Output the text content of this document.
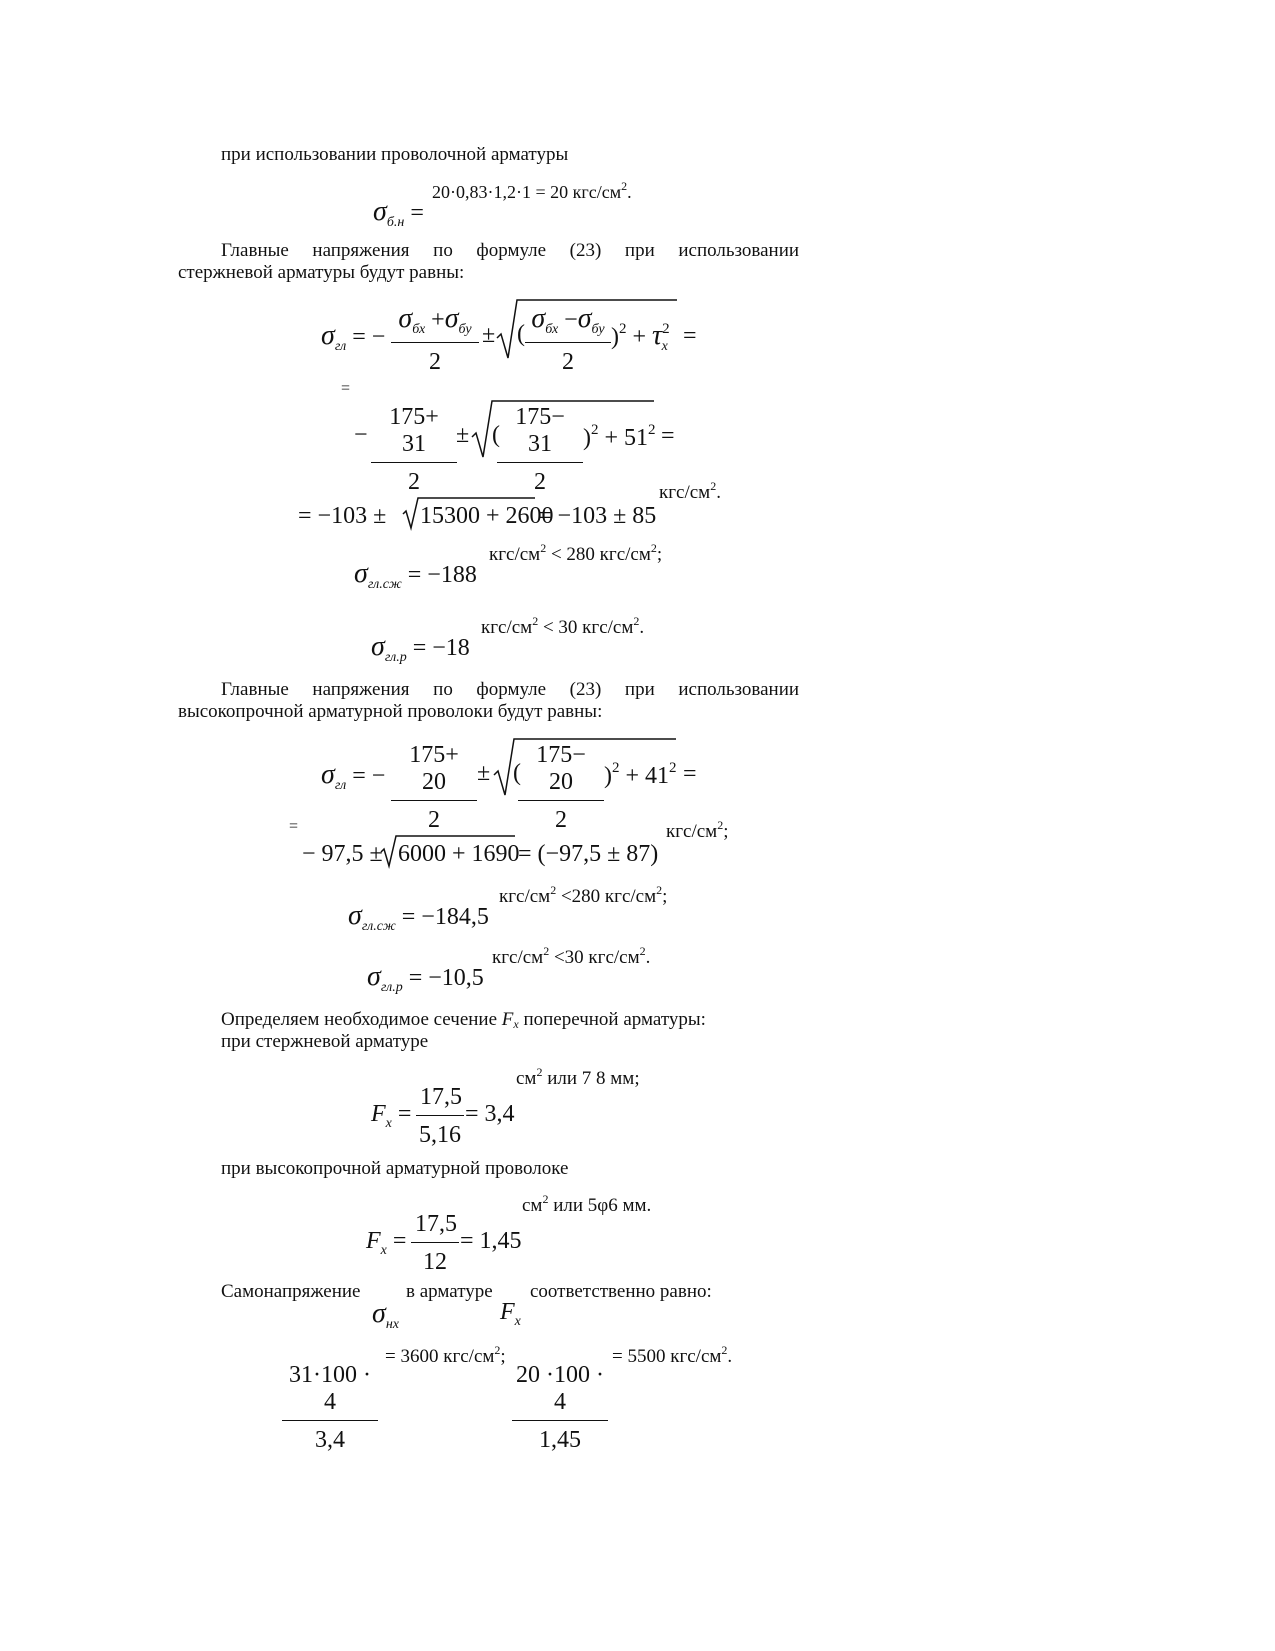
при использовании проволочной арматуры
20·0,83·1,2·1 = 20 кгс/$см^2$.
$\sigma_{б.н}$ =
Главные напряжения по формуле (23) при использовании
стержневой арматуры будут равны:
$\sigma_{гл}$ = −
$\sigma_{бх} +\sigma_{бу}$
2
± ( $\sigma_{бх} -\sigma_{бу}$
2
)$^2 + \tau^2_x$ =
=
− $\frac{175+ 31}{2}$ ± (
$\frac{175- 31}{2} )^2 + 51^2$ =
кгс/$см^2$.
= −103 ± 15300 + 2600
= −103 ± 85
кгс/$см^2 < 280$ кгс/$см^2$;
$\sigma_{гл.сж} = -188$
кгс/$см^2 < 30$ кгс/$см^2$.
$\sigma_{гл.р} = -18$
Главные напряжения по формуле (23) при использовании
высокопрочной арматурной проволоки будут равны:
$\sigma_{гл}$ = − $\frac{175+ 20}{2}$ ± (
$\frac{175- 20}{2} )^2 + 41^2$ =
=	кгс/$см^2$;
− 97,5 ± 6000 + 1690
= (−97,5 ± 87)
кгс/$см^2 <280$ кгс/$см^2$;
$\sigma_{гл.сж} = -184,5$
кгс/$см^2 <30$ кгс/$см^2$.
$\sigma_{гл.р} = -10,5$
Определяем необходимое сечение Fx поперечной арматуры:
при стержневой арматуре
$см^2$ или 7 8 мм;
$F_x = \frac{17,5}{5,16} = 3,4$
при высокопрочной арматурной проволоке
$см^2$ или 5φ6 мм.
$F_x = \frac{17,5}{12} = 1,45$
Самонапряжение в арматуре соответственно равно:
$\sigma_{нх}$	$F_x$
= 3600 кгс/$см^2$;
$\frac{31\cdot 100 \cdot 4}{3,4}$
= 5500 кгс/$см^2$.
$\frac{20 \cdot 100 \cdot 4}{1,45}$
